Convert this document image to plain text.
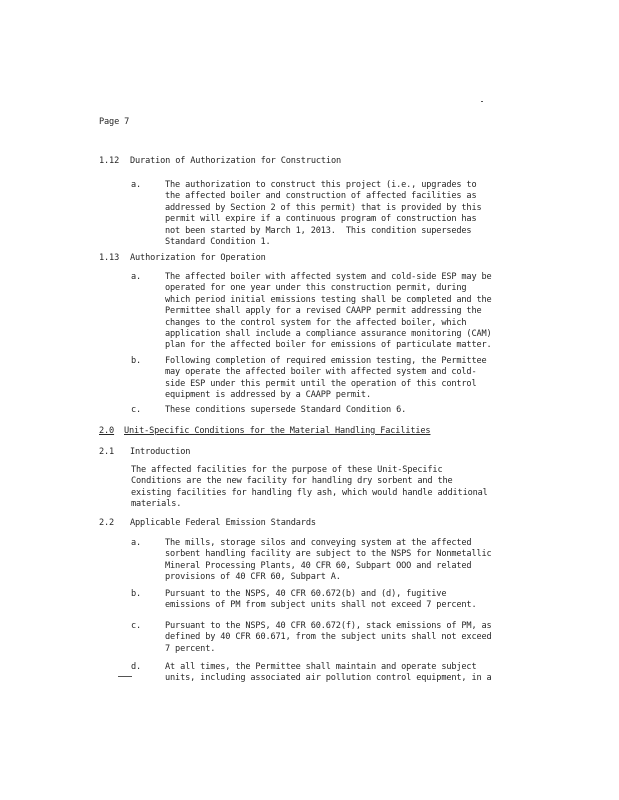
Page 7
1.12 Duration of Authorization for Construction
a.	The authorization to construct this project (i.e., upgrades to
the affected boiler and construction of affected facilities as
addressed by Section 2 of this permit) that is provided by this
permit will expire if a continuous program of construction has
not been started by March 1, 2013.  This condition supersedes
Standard Condition 1.
1.13 Authorization for Operation
a.	The affected boiler with affected system and cold-side ESP may be
operated for one year under this construction permit, during
which period initial emissions testing shall be completed and the
Permittee shall apply for a revised CAAPP permit addressing the
changes to the control system for the affected boiler, which
application shall include a compliance assurance monitoring (CAM)
plan for the affected boiler for emissions of particulate matter.
b.	Following completion of required emission testing, the Permittee
may operate the affected boiler with affected system and cold-
side ESP under this permit until the operation of this control
equipment is addressed by a CAAPP permit.
c.	These conditions supersede Standard Condition 6.
2.0 Unit-Specific Conditions for the Material Handling Facilities
2.1 Introduction
The affected facilities for the purpose of these Unit-Specific
Conditions are the new facility for handling dry sorbent and the
existing facilities for handling fly ash, which would handle additional
materials.
2.2 Applicable Federal Emission Standards
a.	The mills, storage silos and conveying system at the affected
sorbent handling facility are subject to the NSPS for Nonmetallic
Mineral Processing Plants, 40 CFR 60, Subpart OOO and related
provisions of 40 CFR 60, Subpart A.
b.	Pursuant to the NSPS, 40 CFR 60.672(b) and (d), fugitive
emissions of PM from subject units shall not exceed 7 percent.
c.	Pursuant to the NSPS, 40 CFR 60.672(f), stack emissions of PM, as
defined by 40 CFR 60.671, from the subject units shall not exceed
7 percent.
d.	At all times, the Permittee shall maintain and operate subject
units, including associated air pollution control equipment, in a
